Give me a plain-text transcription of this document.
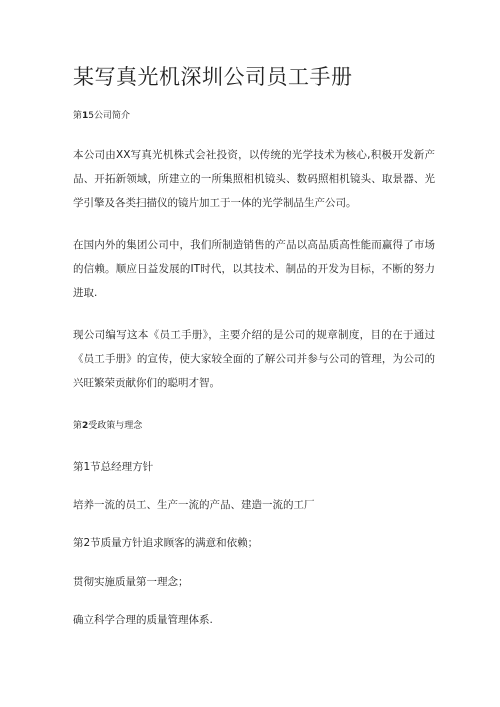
某写真光机深圳公司员工手册
第15公司简介

本公司由XX写真光机株式会社投资，以传统的光学技术为核心,积极开发新产品、开拓新领域，所建立的一所集照相机镜头、数码照相机镜头、取景器、光学引擎及各类扫描仪的镜片加工于一体的光学制品生产公司。

在国内外的集团公司中，我们所制造销售的产品以高品质高性能而赢得了市场的信赖。顺应日益发展的IT时代，以其技术、制品的开发为目标，不断的努力进取.

现公司编写这本《员工手册》，主要介绍的是公司的规章制度，目的在于通过《员工手册》的宣传，使大家较全面的了解公司并参与公司的管理，为公司的兴旺繁荣贡献你们的聪明才智。

第2受政策与理念
第1节总经理方针
培养一流的员工、生产一流的产品、建造一流的工厂
第2节质量方针追求顾客的满意和依赖；
贯彻实施质量第一理念；
确立科学合理的质量管理体系.
